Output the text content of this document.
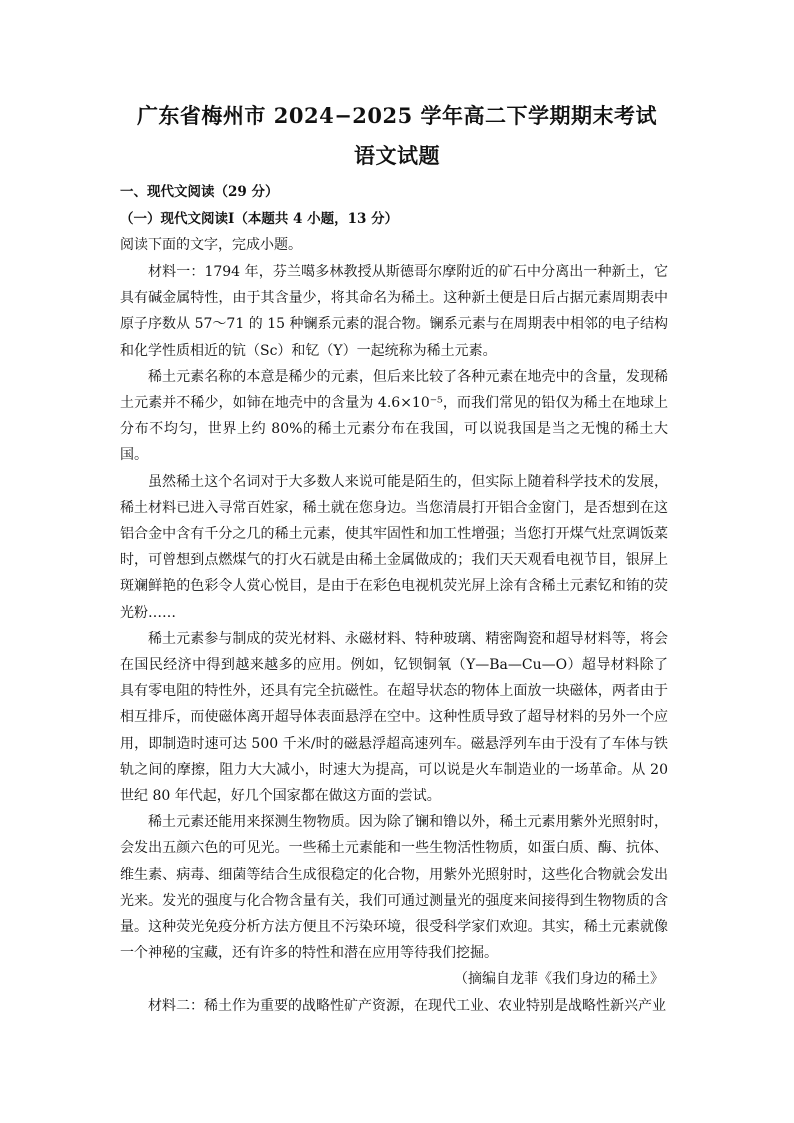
广东省梅州市 2024−2025 学年高二下学期期末考试
语文试题
一、现代文阅读（29 分）
（一）现代文阅读Ⅰ（本题共 4 小题，13 分）
阅读下面的文字，完成小题。

材料一：1794 年，芬兰噶多林教授从斯德哥尔摩附近的矿石中分离出一种新土，它具有碱金属特性，由于其含量少，将其命名为稀土。这种新土便是日后占据元素周期表中原子序数从 57～71 的 15 种镧系元素的混合物。镧系元素与在周期表中相邻的电子结构和化学性质相近的钪（Sc）和钇（Y）一起统称为稀土元素。

稀土元素名称的本意是稀少的元素，但后来比较了各种元素在地壳中的含量，发现稀土元素并不稀少，如铈在地壳中的含量为 4.6×10⁻⁵，而我们常见的铅仅为稀土在地球上分布不均匀，世界上约 80%的稀土元素分布在我国，可以说我国是当之无愧的稀土大国。

虽然稀土这个名词对于大多数人来说可能是陌生的，但实际上随着科学技术的发展，稀土材料已进入寻常百姓家，稀土就在您身边。当您清晨打开铝合金窗门，是否想到在这铝合金中含有千分之几的稀土元素，使其牢固性和加工性增强；当您打开煤气灶烹调饭菜时，可曾想到点燃煤气的打火石就是由稀土金属做成的；我们天天观看电视节目，银屏上斑斓鲜艳的色彩令人赏心悦目，是由于在彩色电视机荧光屏上涂有含稀土元素钇和铕的荧光粉……

稀土元素参与制成的荧光材料、永磁材料、特种玻璃、精密陶瓷和超导材料等，将会在国民经济中得到越来越多的应用。例如，钇钡铜氧（Y—Ba—Cu—O）超导材料除了具有零电阻的特性外，还具有完全抗磁性。在超导状态的物体上面放一块磁体，两者由于相互排斥，而使磁体离开超导体表面悬浮在空中。这种性质导致了超导材料的另外一个应用，即制造时速可达 500 千米/时的磁悬浮超高速列车。磁悬浮列车由于没有了车体与铁轨之间的摩擦，阻力大大减小，时速大为提高，可以说是火车制造业的一场革命。从 20 世纪 80 年代起，好几个国家都在做这方面的尝试。

稀土元素还能用来探测生物物质。因为除了镧和镥以外，稀土元素用紫外光照射时，会发出五颜六色的可见光。一些稀土元素能和一些生物活性物质，如蛋白质、酶、抗体、维生素、病毒、细菌等结合生成很稳定的化合物，用紫外光照射时，这些化合物就会发出光来。发光的强度与化合物含量有关，我们可通过测量光的强度来间接得到生物物质的含量。这种荧光免疫分析方法方便且不污染环境，很受科学家们欢迎。其实，稀土元素就像一个神秘的宝藏，还有许多的特性和潜在应用等待我们挖掘。

（摘编自龙菲《我们身边的稀土》

材料二：稀土作为重要的战略性矿产资源，在现代工业、农业特别是战略性新兴产业
